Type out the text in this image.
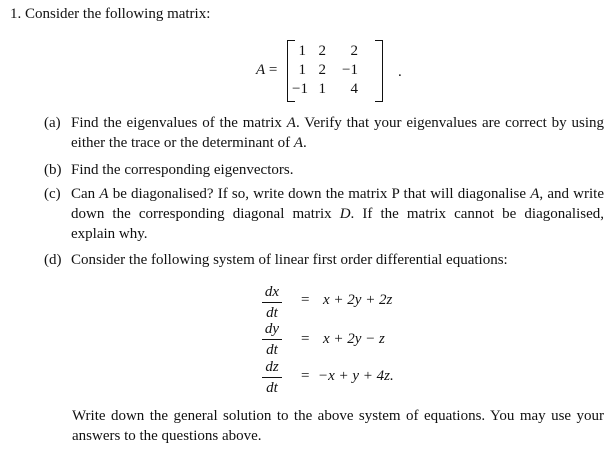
1. Consider the following matrix:
A =
1 2	2
1 2	−1
−1 1	4
.
(a) Find the eigenvalues of the matrix A. Verify that your eigenvalues are correct by using either the trace or the determinant of A.
(b) Find the corresponding eigenvectors.
(c) Can A be diagonalised? If so, write down the matrix P that will diagonalise A, and write down the corresponding diagonal matrix D. If the matrix cannot be diagonalised, explain why.
(d) Consider the following system of linear first order differential equations:
dx
dt
= x + 2y + 2z
dy
dt
= x + 2y − z
dz
dt
= −x + y + 4z.
Write down the general solution to the above system of equations. You may use your answers to the questions above.
